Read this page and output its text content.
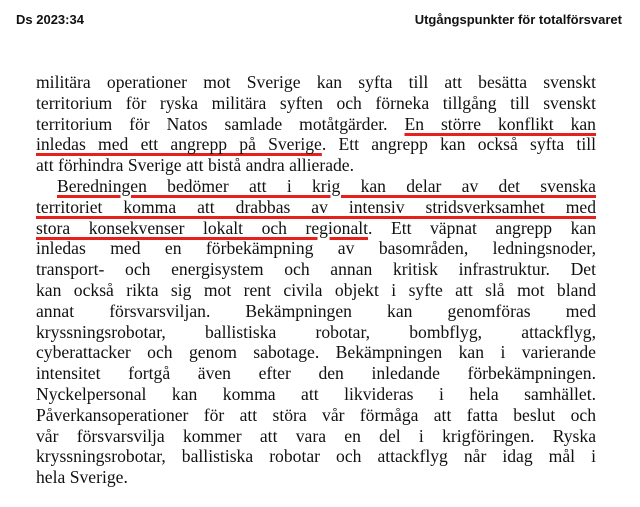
Ds 2023:34	Utgångspunkter för totalförsvaret
militära operationer mot Sverige kan syfta till att besätta svenskt
territorium för ryska militära syften och förneka tillgång till svenskt
territorium för Natos samlade motåtgärder. En större konflikt kan
inledas med ett angrepp på Sverige. Ett angrepp kan också syfta till
att förhindra Sverige att bistå andra allierade.
Beredningen bedömer att i krig kan delar av det svenska
territoriet komma att drabbas av intensiv stridsverksamhet med
stora konsekvenser lokalt och regionalt. Ett väpnat angrepp kan
inledas med en förbekämpning av basområden, ledningsnoder,
transport- och energisystem och annan kritisk infrastruktur. Det
kan också rikta sig mot rent civila objekt i syfte att slå mot bland
annat försvarsviljan. Bekämpningen kan genomföras med
kryssningsrobotar, ballistiska robotar, bombflyg, attackflyg,
cyberattacker och genom sabotage. Bekämpningen kan i varierande
intensitet fortgå även efter den inledande förbekämpningen.
Nyckelpersonal kan komma att likvideras i hela samhället.
Påverkansoperationer för att störa vår förmåga att fatta beslut och
vår försvarsvilja kommer att vara en del i krigföringen. Ryska
kryssningsrobotar, ballistiska robotar och attackflyg når idag mål i
hela Sverige.
